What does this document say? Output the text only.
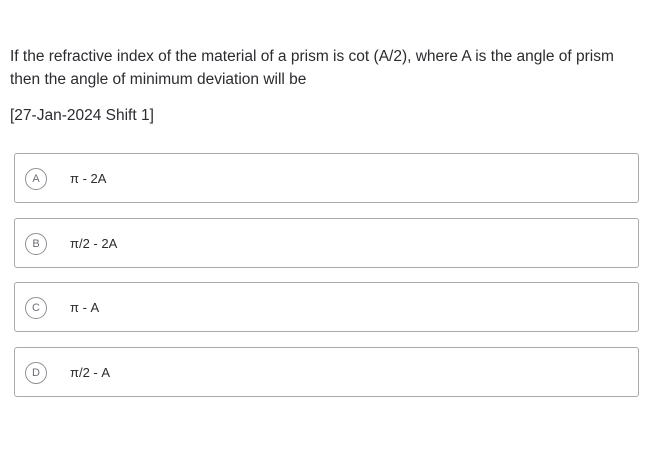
If the refractive index of the material of a prism is cot (A/2), where A is the angle of prism then the angle of minimum deviation will be
[27-Jan-2024 Shift 1]
A	π - 2A
B	π/2 - 2A
C	π - A
D	π/2 - A
